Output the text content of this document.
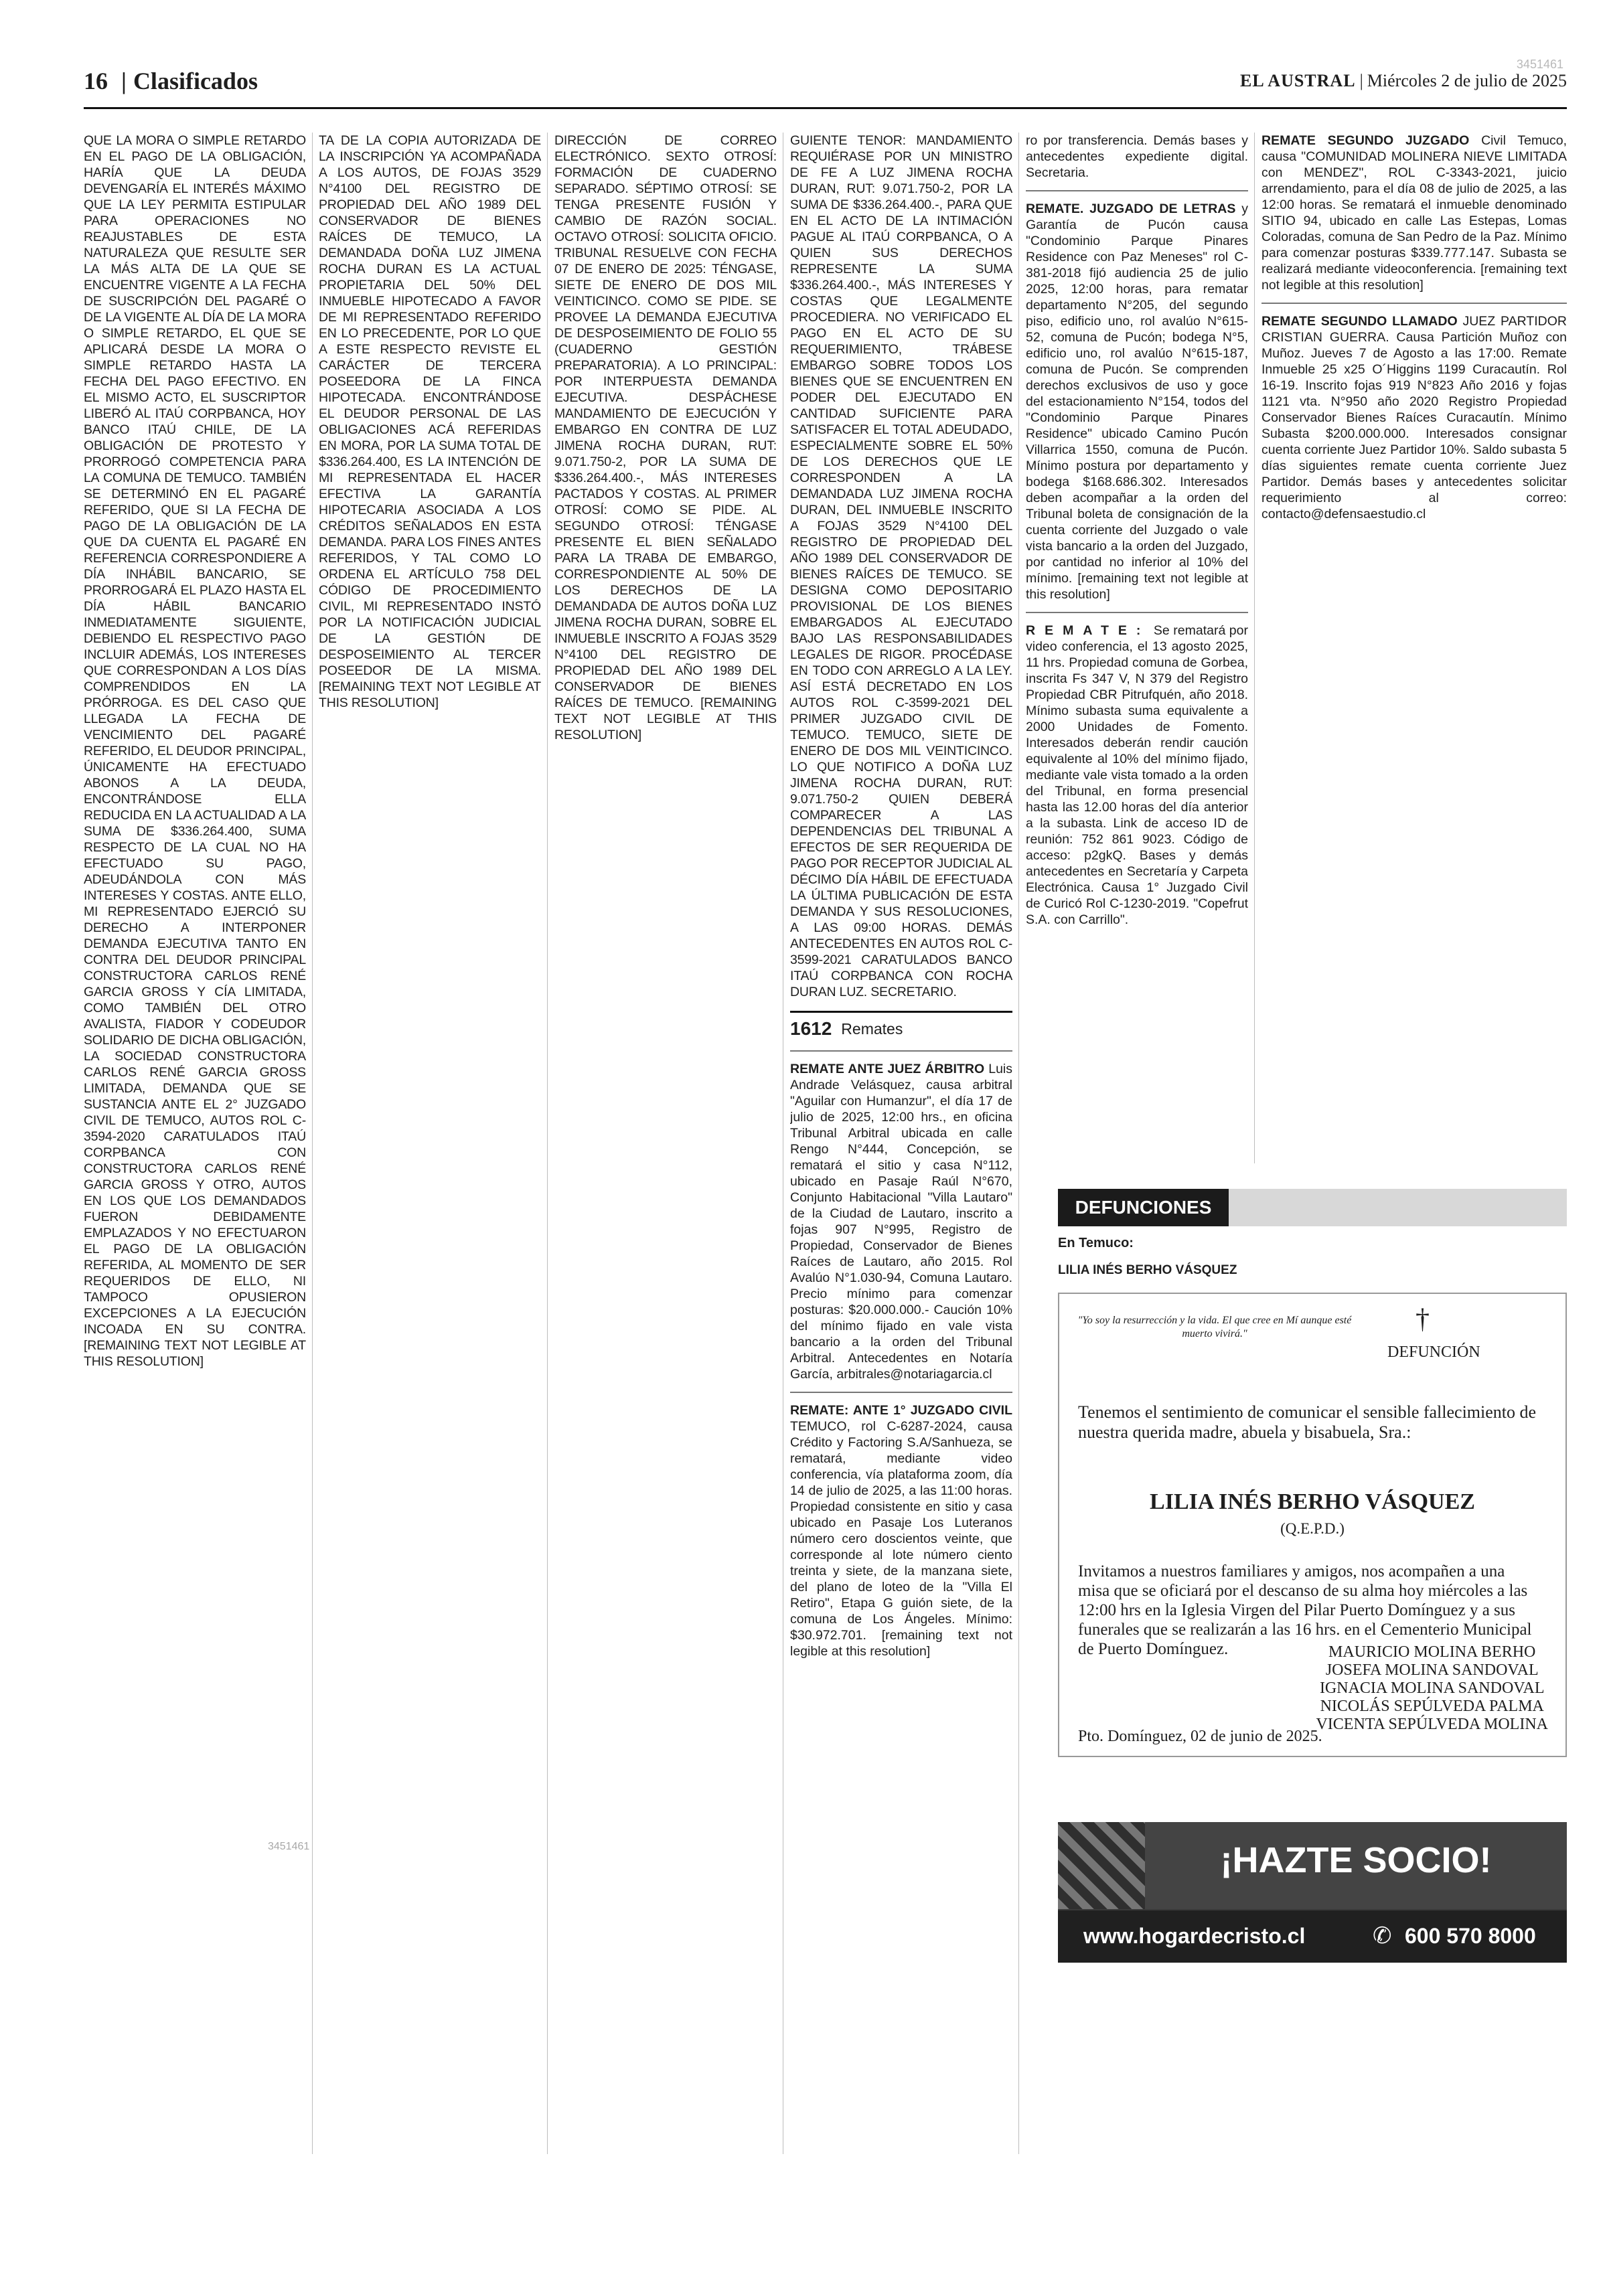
16
|	Clasificados
3451461
EL AUSTRAL | Miércoles 2 de julio de 2025

QUE LA MORA O SIMPLE RETARDO EN EL PAGO DE LA OBLIGACIÓN, HARÍA QUE LA DEUDA DEVENGARÍA EL INTERÉS MÁXIMO QUE LA LEY PERMITA ESTIPULAR PARA OPERACIONES NO REAJUSTABLES DE ESTA NATURALEZA QUE RESULTE SER LA MÁS ALTA DE LA QUE SE ENCUENTRE VIGENTE A LA FECHA DE SUSCRIPCIÓN DEL PAGARÉ O DE LA VIGENTE AL DÍA DE LA MORA O SIMPLE RETARDO, EL QUE SE APLICARÁ DESDE LA MORA O SIMPLE RETARDO HASTA LA FECHA DEL PAGO EFECTIVO. EN EL MISMO ACTO, EL SUSCRIPTOR LIBERÓ AL ITAÚ CORPBANCA, HOY BANCO ITAÚ CHILE, DE LA OBLIGACIÓN DE PROTESTO Y PRORROGÓ COMPETENCIA PARA LA COMUNA DE TEMUCO. TAMBIÉN SE DETERMINÓ EN EL PAGARÉ REFERIDO, QUE SI LA FECHA DE PAGO DE LA OBLIGACIÓN DE LA QUE DA CUENTA EL PAGARÉ EN REFERENCIA CORRESPONDIERE A DÍA INHÁBIL BANCARIO, SE PRORROGARÁ EL PLAZO HASTA EL DÍA HÁBIL BANCARIO INMEDIATAMENTE SIGUIENTE, DEBIENDO EL RESPECTIVO PAGO INCLUIR ADEMÁS, LOS INTERESES QUE CORRESPONDAN A LOS DÍAS COMPRENDIDOS EN LA PRÓRROGA. ES DEL CASO QUE LLEGADA LA FECHA DE VENCIMIENTO DEL PAGARÉ REFERIDO, EL DEUDOR PRINCIPAL, ÚNICAMENTE HA EFECTUADO ABONOS A LA DEUDA, ENCONTRÁNDOSE ELLA REDUCIDA EN LA ACTUALIDAD A LA SUMA DE $336.264.400, SUMA RESPECTO DE LA CUAL NO HA EFECTUADO SU PAGO, ADEUDÁNDOLA CON MÁS INTERESES Y COSTAS. ANTE ELLO, MI REPRESENTADO EJERCIÓ SU DERECHO A INTERPONER DEMANDA EJECUTIVA TANTO EN CONTRA DEL DEUDOR PRINCIPAL CONSTRUCTORA CARLOS RENÉ GARCIA GROSS Y CÍA LIMITADA, COMO TAMBIÉN DEL OTRO AVALISTA, FIADOR Y CODEUDOR SOLIDARIO DE DICHA OBLIGACIÓN, LA SOCIEDAD CONSTRUCTORA CARLOS RENÉ GARCIA GROSS LIMITADA, DEMANDA QUE SE SUSTANCIA ANTE EL 2° JUZGADO CIVIL DE TEMUCO, AUTOS ROL C-3594-2020 CARATULADOS ITAÚ CORPBANCA CON CONSTRUCTORA CARLOS RENÉ GARCIA GROSS Y OTRO, AUTOS EN LOS QUE LOS DEMANDADOS FUERON DEBIDAMENTE EMPLAZADOS Y NO EFECTUARON EL PAGO DE LA OBLIGACIÓN REFERIDA, AL MOMENTO DE SER REQUERIDOS DE ELLO, NI TAMPOCO OPUSIERON EXCEPCIONES A LA EJECUCIÓN INCOADA EN SU CONTRA. [REMAINING TEXT NOT LEGIBLE AT THIS RESOLUTION]

TA DE LA COPIA AUTORIZADA DE LA INSCRIPCIÓN YA ACOMPAÑADA A LOS AUTOS, DE FOJAS 3529 N°4100 DEL REGISTRO DE PROPIEDAD DEL AÑO 1989 DEL CONSERVADOR DE BIENES RAÍCES DE TEMUCO, LA DEMANDADA DOÑA LUZ JIMENA ROCHA DURAN ES LA ACTUAL PROPIETARIA DEL 50% DEL INMUEBLE HIPOTECADO A FAVOR DE MI REPRESENTADO REFERIDO EN LO PRECEDENTE, POR LO QUE A ESTE RESPECTO REVISTE EL CARÁCTER DE TERCERA POSEEDORA DE LA FINCA HIPOTECADA. ENCONTRÁNDOSE EL DEUDOR PERSONAL DE LAS OBLIGACIONES ACÁ REFERIDAS EN MORA, POR LA SUMA TOTAL DE $336.264.400, ES LA INTENCIÓN DE MI REPRESENTADA EL HACER EFECTIVA LA GARANTÍA HIPOTECARIA ASOCIADA A LOS CRÉDITOS SEÑALADOS EN ESTA DEMANDA. PARA LOS FINES ANTES REFERIDOS, Y TAL COMO LO ORDENA EL ARTÍCULO 758 DEL CÓDIGO DE PROCEDIMIENTO CIVIL, MI REPRESENTADO INSTÓ POR LA NOTIFICACIÓN JUDICIAL DE LA GESTIÓN DE DESPOSEIMIENTO AL TERCER POSEEDOR DE LA MISMA. [REMAINING TEXT NOT LEGIBLE AT THIS RESOLUTION]

3451461

DIRECCIÓN DE CORREO ELECTRÓNICO. SEXTO OTROSÍ: FORMACIÓN DE CUADERNO SEPARADO. SÉPTIMO OTROSÍ: SE TENGA PRESENTE FUSIÓN Y CAMBIO DE RAZÓN SOCIAL. OCTAVO OTROSÍ: SOLICITA OFICIO. TRIBUNAL RESUELVE CON FECHA 07 DE ENERO DE 2025: TÉNGASE, SIETE DE ENERO DE DOS MIL VEINTICINCO. COMO SE PIDE. SE PROVEE LA DEMANDA EJECUTIVA DE DESPOSEIMIENTO DE FOLIO 55 (CUADERNO GESTIÓN PREPARATORIA). A LO PRINCIPAL: POR INTERPUESTA DEMANDA EJECUTIVA. DESPÁCHESE MANDAMIENTO DE EJECUCIÓN Y EMBARGO EN CONTRA DE LUZ JIMENA ROCHA DURAN, RUT: 9.071.750-2, POR LA SUMA DE $336.264.400.-, MÁS INTERESES PACTADOS Y COSTAS. AL PRIMER OTROSÍ: COMO SE PIDE. AL SEGUNDO OTROSÍ: TÉNGASE PRESENTE EL BIEN SEÑALADO PARA LA TRABA DE EMBARGO, CORRESPONDIENTE AL 50% DE LOS DERECHOS DE LA DEMANDADA DE AUTOS DOÑA LUZ JIMENA ROCHA DURAN, SOBRE EL INMUEBLE INSCRITO A FOJAS 3529 N°4100 DEL REGISTRO DE PROPIEDAD DEL AÑO 1989 DEL CONSERVADOR DE BIENES RAÍCES DE TEMUCO. [REMAINING TEXT NOT LEGIBLE AT THIS RESOLUTION]

GUIENTE TENOR: MANDAMIENTO REQUIÉRASE POR UN MINISTRO DE FE A LUZ JIMENA ROCHA DURAN, RUT: 9.071.750-2, POR LA SUMA DE $336.264.400.-, PARA QUE EN EL ACTO DE LA INTIMACIÓN PAGUE AL ITAÚ CORPBANCA, O A QUIEN SUS DERECHOS REPRESENTE LA SUMA $336.264.400.-, MÁS INTERESES Y COSTAS QUE LEGALMENTE PROCEDIERA. NO VERIFICADO EL PAGO EN EL ACTO DE SU REQUERIMIENTO, TRÁBESE EMBARGO SOBRE TODOS LOS BIENES QUE SE ENCUENTREN EN PODER DEL EJECUTADO EN CANTIDAD SUFICIENTE PARA SATISFACER EL TOTAL ADEUDADO, ESPECIALMENTE SOBRE EL 50% DE LOS DERECHOS QUE LE CORRESPONDEN A LA DEMANDADA LUZ JIMENA ROCHA DURAN, DEL INMUEBLE INSCRITO A FOJAS 3529 N°4100 DEL REGISTRO DE PROPIEDAD DEL AÑO 1989 DEL CONSERVADOR DE BIENES RAÍCES DE TEMUCO. SE DESIGNA COMO DEPOSITARIO PROVISIONAL DE LOS BIENES EMBARGADOS AL EJECUTADO BAJO LAS RESPONSABILIDADES LEGALES DE RIGOR. PROCÉDASE EN TODO CON ARREGLO A LA LEY. ASÍ ESTÁ DECRETADO EN LOS AUTOS ROL C-3599-2021 DEL PRIMER JUZGADO CIVIL DE TEMUCO. TEMUCO, SIETE DE ENERO DE DOS MIL VEINTICINCO. LO QUE NOTIFICO A DOÑA LUZ JIMENA ROCHA DURAN, RUT: 9.071.750-2 QUIEN DEBERÁ COMPARECER A LAS DEPENDENCIAS DEL TRIBUNAL A EFECTOS DE SER REQUERIDA DE PAGO POR RECEPTOR JUDICIAL AL DÉCIMO DÍA HÁBIL DE EFECTUADA LA ÚLTIMA PUBLICACIÓN DE ESTA DEMANDA Y SUS RESOLUCIONES, A LAS 09:00 HORAS. DEMÁS ANTECEDENTES EN AUTOS ROL C-3599-2021 CARATULADOS BANCO ITAÚ CORPBANCA CON ROCHA DURAN LUZ. SECRETARIO.

1612 Remates

REMATE ANTE JUEZ ÁRBITRO Luis Andrade Velásquez, causa arbitral "Aguilar con Humanzur", el día 17 de julio de 2025, 12:00 hrs., en oficina Tribunal Arbitral ubicada en calle Rengo N°444, Concepción, se rematará el sitio y casa N°112, ubicado en Pasaje Raúl N°670, Conjunto Habitacional "Villa Lautaro" de la Ciudad de Lautaro, inscrito a fojas 907 N°995, Registro de Propiedad, Conservador de Bienes Raíces de Lautaro, año 2015. Rol Avalúo N°1.030-94, Comuna Lautaro. Precio mínimo para comenzar posturas: $20.000.000.- Caución 10% del mínimo fijado en vale vista bancario a la orden del Tribunal Arbitral. Antecedentes en Notaría García, arbitrales@notariagarcia.cl

REMATE: ANTE 1° JUZGADO CIVIL TEMUCO, rol C-6287-2024, causa Crédito y Factoring S.A/Sanhueza, se rematará, mediante video conferencia, vía plataforma zoom, día 14 de julio de 2025, a las 11:00 horas. Propiedad consistente en sitio y casa ubicado en Pasaje Los Luteranos número cero doscientos veinte, que corresponde al lote número ciento treinta y siete, de la manzana siete, del plano de loteo de la "Villa El Retiro", Etapa G guión siete, de la comuna de Los Ángeles. Mínimo: $30.972.701. [remaining text not legible at this resolution]

ro por transferencia. Demás bases y antecedentes expediente digital. Secretaria.

REMATE. JUZGADO DE LETRAS y Garantía de Pucón causa "Condominio Parque Pinares Residence con Paz Meneses" rol C-381-2018 fijó audiencia 25 de julio 2025, 12:00 horas, para rematar departamento N°205, del segundo piso, edificio uno, rol avalúo N°615-52, comuna de Pucón; bodega N°5, edificio uno, rol avalúo N°615-187, comuna de Pucón. Se comprenden derechos exclusivos de uso y goce del estacionamiento N°154, todos del "Condominio Parque Pinares Residence" ubicado Camino Pucón Villarrica 1550, comuna de Pucón. Mínimo postura por departamento y bodega $168.686.302. Interesados deben acompañar a la orden del Tribunal boleta de consignación de la cuenta corriente del Juzgado o vale vista bancario a la orden del Juzgado, por cantidad no inferior al 10% del mínimo. [remaining text not legible at this resolution]

REMATE: Se rematará por video conferencia, el 13 agosto 2025, 11 hrs. Propiedad comuna de Gorbea, inscrita Fs 347 V, N 379 del Registro Propiedad CBR Pitrufquén, año 2018. Mínimo subasta suma equivalente a 2000 Unidades de Fomento. Interesados deberán rendir caución equivalente al 10% del mínimo fijado, mediante vale vista tomado a la orden del Tribunal, en forma presencial hasta las 12.00 horas del día anterior a la subasta. Link de acceso ID de reunión: 752 861 9023. Código de acceso: p2gkQ. Bases y demás antecedentes en Secretaría y Carpeta Electrónica. Causa 1° Juzgado Civil de Curicó Rol C-1230-2019. "Copefrut S.A. con Carrillo".

REMATE SEGUNDO JUZGADO Civil Temuco, causa "COMUNIDAD MOLINERA NIEVE LIMITADA con MENDEZ", ROL C-3343-2021, juicio arrendamiento, para el día 08 de julio de 2025, a las 12:00 horas. Se rematará el inmueble denominado SITIO 94, ubicado en calle Las Estepas, Lomas Coloradas, comuna de San Pedro de la Paz. Mínimo para comenzar posturas $339.777.147. Subasta se realizará mediante videoconferencia. [remaining text not legible at this resolution]

REMATE SEGUNDO LLAMADO JUEZ PARTIDOR CRISTIAN GUERRA. Causa Partición Muñoz con Muñoz. Jueves 7 de Agosto a las 17:00. Remate Inmueble 25 x25 O´Higgins 1199 Curacautín. Rol 16-19. Inscrito fojas 919 N°823 Año 2016 y fojas 1121 vta. N°950 año 2020 Registro Propiedad Conservador Bienes Raíces Curacautín. Mínimo Subasta $200.000.000. Interesados consignar cuenta corriente Juez Partidor 10%. Saldo subasta 5 días siguientes remate cuenta corriente Juez Partidor. Demás bases y antecedentes solicitar requerimiento al correo: contacto@defensaestudio.cl

DEFUNCIONES
En Temuco:
LILIA INÉS BERHO VÁSQUEZ
"Yo soy la resurrección y la vida. El que cree en Mí aunque esté muerto vivirá."	†
DEFUNCIÓN
Tenemos el sentimiento de comunicar el sensible fallecimiento de nuestra querida madre, abuela y bisabuela, Sra.:
LILIA INÉS BERHO VÁSQUEZ
(Q.E.P.D.)
Invitamos a nuestros familiares y amigos, nos acompañen a una misa que se oficiará por el descanso de su alma hoy miércoles a las 12:00 hrs en la Iglesia Virgen del Pilar Puerto Domínguez y a sus funerales que se realizarán a las 16 hrs. en el Cementerio Municipal de Puerto Domínguez.	MAURICIO MOLINA BERHO
JOSEFA MOLINA SANDOVAL
IGNACIA MOLINA SANDOVAL
NICOLÁS SEPÚLVEDA PALMA
VICENTA SEPÚLVEDA MOLINA
Pto. Domínguez, 02 de junio de 2025.
¡HAZTE SOCIO!
www.hogardecristo.cl	✆ 600 570 8000
